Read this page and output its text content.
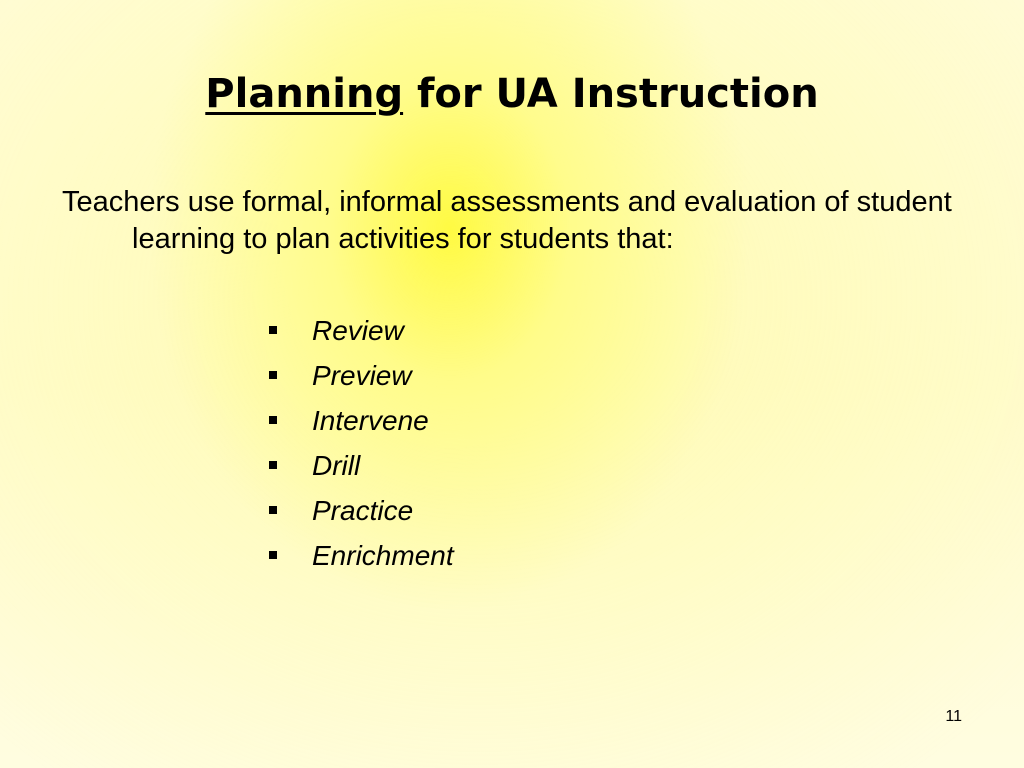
Planning for UA Instruction

Teachers use formal, informal assessments and evaluation of student learning to plan activities for students that:

Review
Preview
Intervene
Drill
Practice
Enrichment
11
